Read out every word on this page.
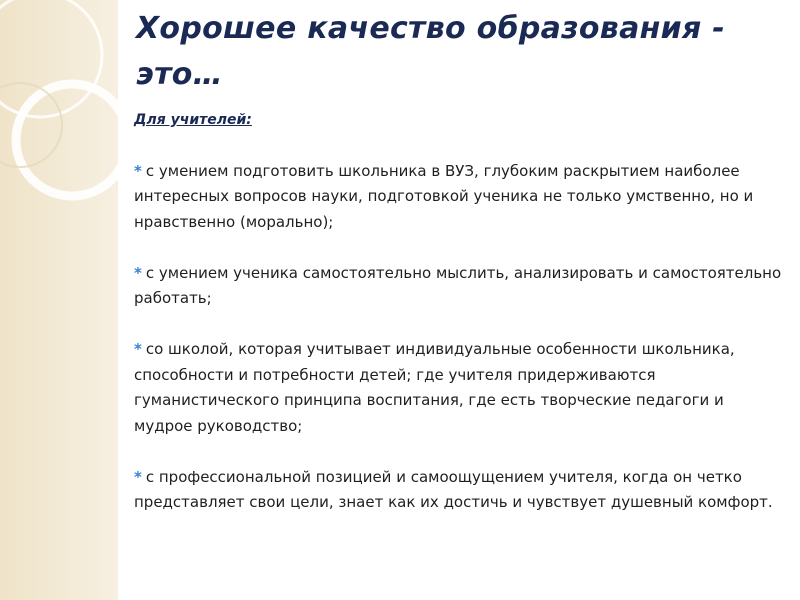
Хорошее качество образования - это…
Для учителей:

* с умением подготовить школьника в ВУЗ, глубоким раскрытием наиболее интересных вопросов науки, подготовкой ученика не только умственно, но и нравственно (морально);

* с умением ученика самостоятельно мыслить, анализировать и самостоятельно работать;

* со школой, которая учитывает индивидуальные особенности школьника, способности и потребности детей; где учителя придерживаются гуманистического принципа воспитания, где есть творческие педагоги и мудрое руководство;

* с профессиональной позицией и самоощущением учителя, когда он четко представляет свои цели, знает как их достичь и чувствует душевный комфорт.
